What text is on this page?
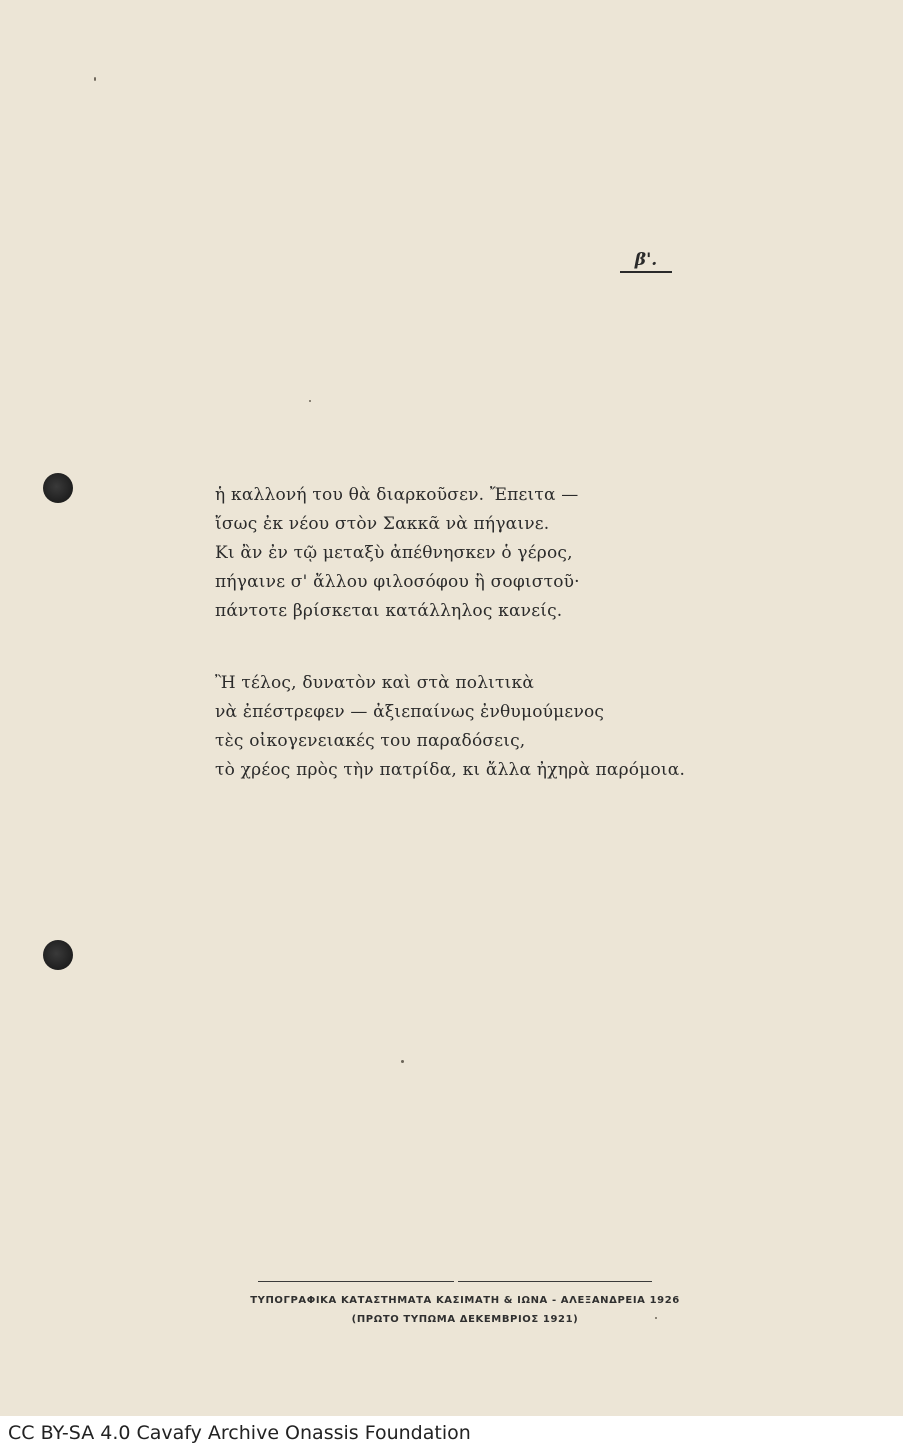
β'.
ἡ καλλονή του θὰ διαρκοῦσεν. Ἔπειτα —
ἴσως ἐκ νέου στὸν Σακκᾶ νὰ πήγαινε.
Κι ἂν ἐν τῷ μεταξὺ ἀπέθνησκεν ὁ γέρος,
πήγαινε σ' ἄλλου φιλοσόφου ἢ σοφιστοῦ·
πάντοτε βρίσκεται κατάλληλος κανείς.
Ἢ τέλος, δυνατὸν καὶ στὰ πολιτικὰ
νὰ ἐπέστρεφεν — ἀξιεπαίνως ἐνθυμούμενος
τὲς οἰκογενειακές του παραδόσεις,
τὸ χρέος πρὸς τὴν πατρίδα, κι ἄλλα ἠχηρὰ παρόμοια.
ΤΥΠΟΓΡΑΦΙΚΑ ΚΑΤΑΣΤΗΜΑΤΑ ΚΑΣΙΜΑΤΗ & ΙΩΝΑ - ΑΛΕΞΑΝΔΡΕΙΑ 1926
(ΠΡΩΤΟ ΤΥΠΩΜΑ ΔΕΚΕΜΒΡΙΟΣ 1921)
CC BY-SA 4.0 Cavafy Archive Onassis Foundation
